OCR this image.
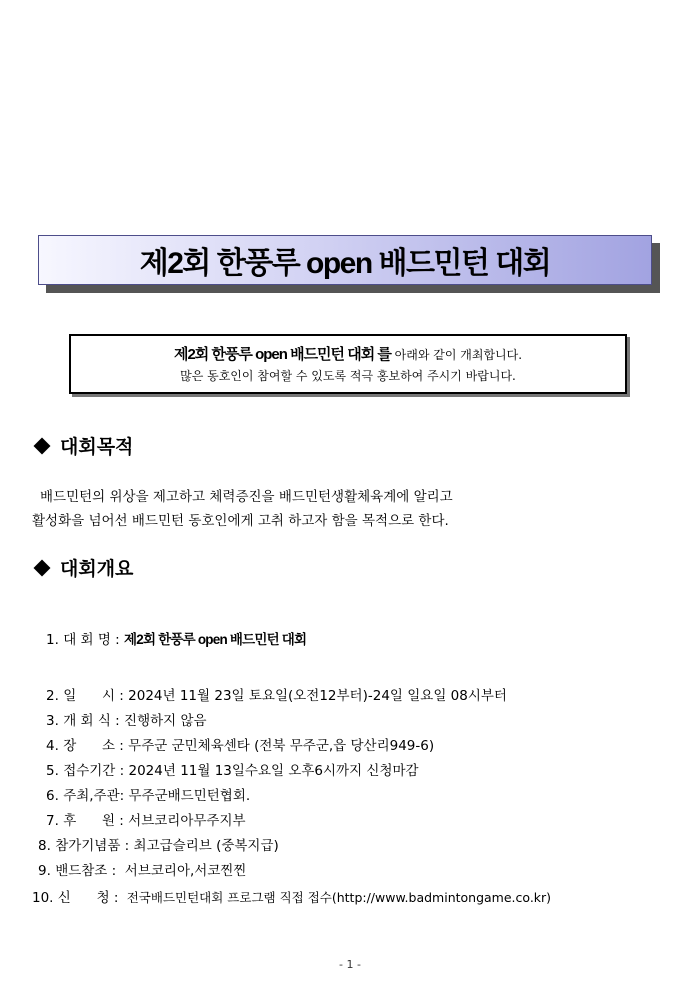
제2회 한풍루 open 배드민턴 대회
제2회 한풍루 open 배드민턴 대회 를 아래와 같이 개최합니다.
많은 동호인이 참여할 수 있도록 적극 홍보하여 주시기 바랍니다.
대회목적
배드민턴의 위상을 제고하고 체력증진을 배드민턴생활체육계에 알리고
활성화을 넘어선 배드민턴 동호인에게 고취 하고자 함을 목적으로 한다.
대회개요
1. 대 회 명 : 제2회 한풍루 open 배드민턴 대회
2. 일      시 : 2024년 11월 23일 토요일(오전12부터)-24일 일요일 08시부터
3. 개 회 식 : 진행하지 않음
4. 장      소 : 무주군 군민체육센타 (전북 무주군,읍 당산리949-6)
5. 접수기간 : 2024년 11월 13일수요일 오후6시까지 신청마감
6. 주최,주관: 무주군배드민턴협회.
7. 후      원 : 서브코리아무주지부
8. 참가기념품 : 최고급슬리브 (중복지급)
9. 밴드참조 :  서브코리아,서코찐찐
10. 신      청 :  전국배드민턴대회 프로그램 직접 접수(http://www.badmintongame.co.kr)
- 1 -
